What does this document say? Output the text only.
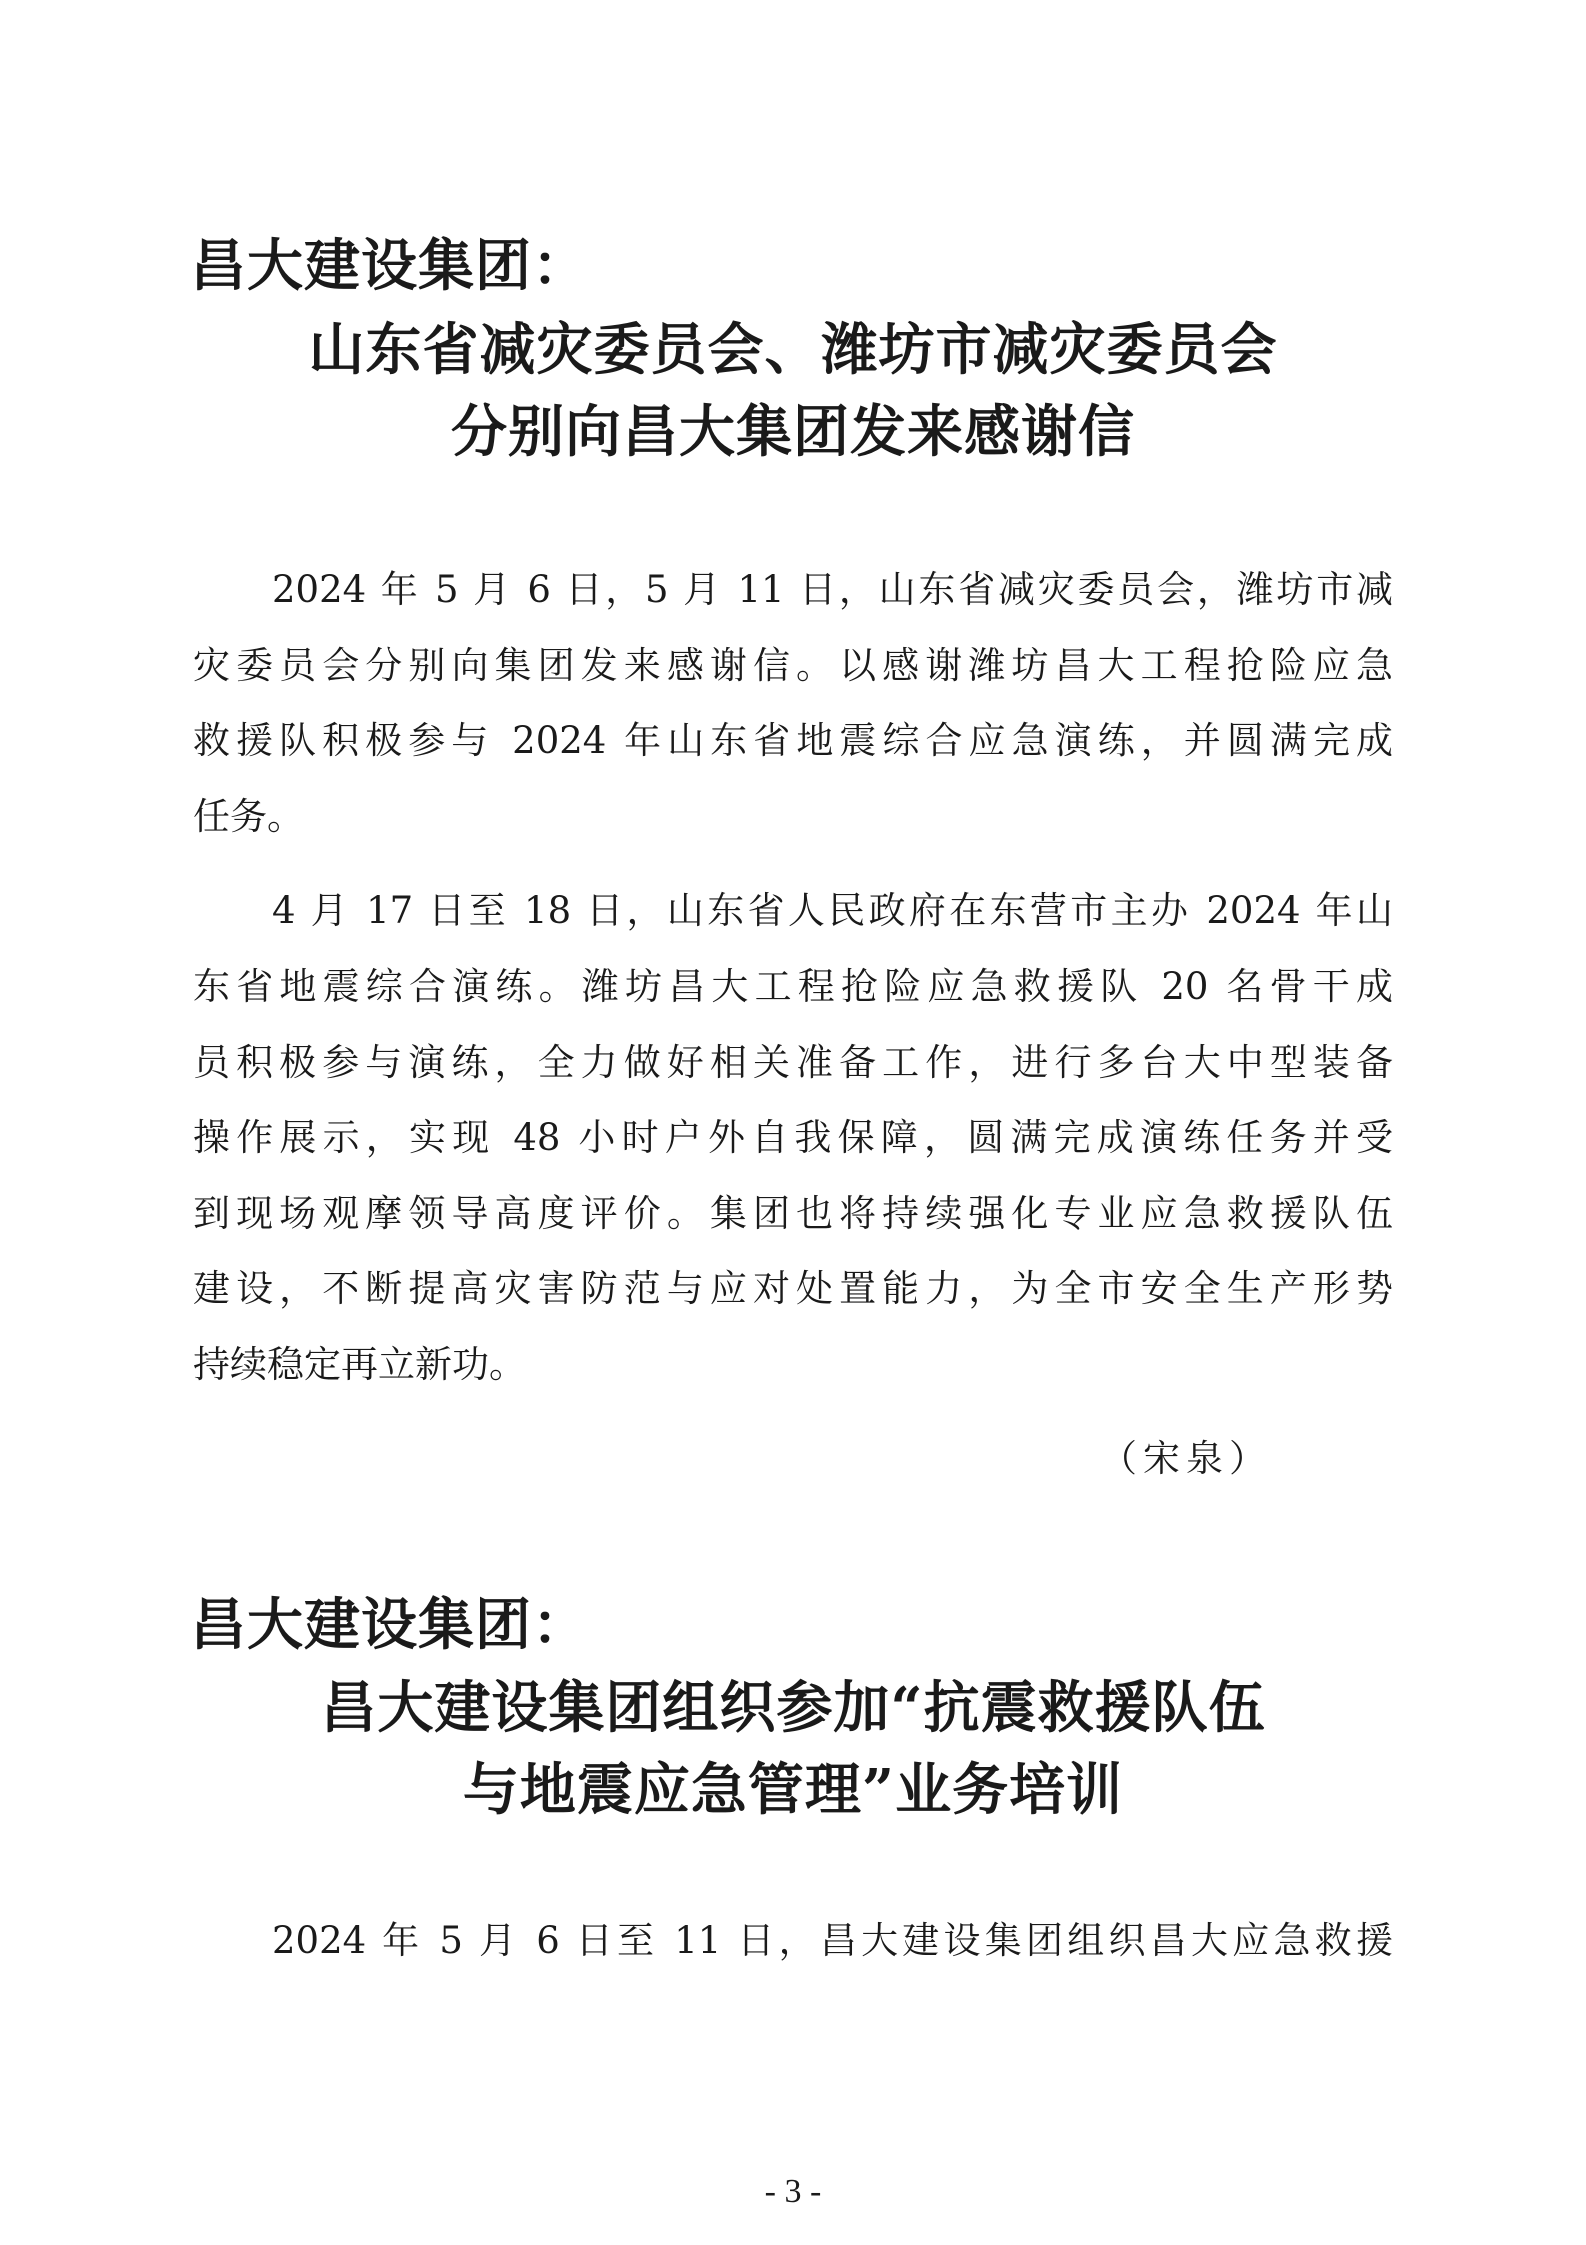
昌大建设集团：
山东省减灾委员会、潍坊市减灾委员会
分别向昌大集团发来感谢信
2024 年 5 月 6 日，5 月 11 日，山东省减灾委员会，潍坊市减
灾委员会分别向集团发来感谢信。以感谢潍坊昌大工程抢险应急
救援队积极参与 2024 年山东省地震综合应急演练，并圆满完成
任务。
4 月 17 日至 18 日，山东省人民政府在东营市主办 2024 年山
东省地震综合演练。潍坊昌大工程抢险应急救援队 20 名骨干成
员积极参与演练，全力做好相关准备工作，进行多台大中型装备
操作展示，实现 48 小时户外自我保障，圆满完成演练任务并受
到现场观摩领导高度评价。集团也将持续强化专业应急救援队伍
建设，不断提高灾害防范与应对处置能力，为全市安全生产形势
持续稳定再立新功。
（宋泉）
昌大建设集团：
昌大建设集团组织参加“抗震救援队伍
与地震应急管理”业务培训
2024 年 5 月 6 日至 11 日，昌大建设集团组织昌大应急救援
- 3 -
